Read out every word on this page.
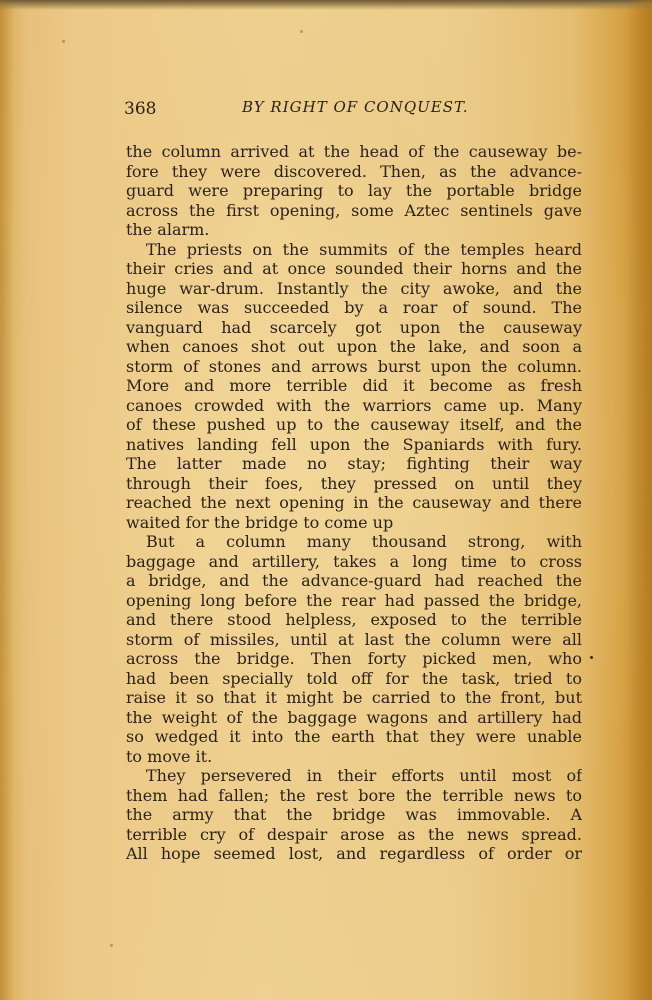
368	BY RIGHT OF CONQUEST.
the column arrived at the head of the causeway be-
fore they were discovered. Then, as the advance-
guard were preparing to lay the portable bridge
across the first opening, some Aztec sentinels gave
the alarm.
The priests on the summits of the temples heard
their cries and at once sounded their horns and the
huge war-drum. Instantly the city awoke, and the
silence was succeeded by a roar of sound. The
vanguard had scarcely got upon the causeway
when canoes shot out upon the lake, and soon a
storm of stones and arrows burst upon the column.
More and more terrible did it become as fresh
canoes crowded with the warriors came up. Many
of these pushed up to the causeway itself, and the
natives landing fell upon the Spaniards with fury.
The latter made no stay; fighting their way
through their foes, they pressed on until they
reached the next opening in the causeway and there
waited for the bridge to come up
But a column many thousand strong, with
baggage and artillery, takes a long time to cross
a bridge, and the advance-guard had reached the
opening long before the rear had passed the bridge,
and there stood helpless, exposed to the terrible
storm of missiles, until at last the column were all
across the bridge. Then forty picked men, who
had been specially told off for the task, tried to
raise it so that it might be carried to the front, but
the weight of the baggage wagons and artillery had
so wedged it into the earth that they were unable
to move it.
They persevered in their efforts until most of
them had fallen; the rest bore the terrible news to
the army that the bridge was immovable. A
terrible cry of despair arose as the news spread.
All hope seemed lost, and regardless of order or
